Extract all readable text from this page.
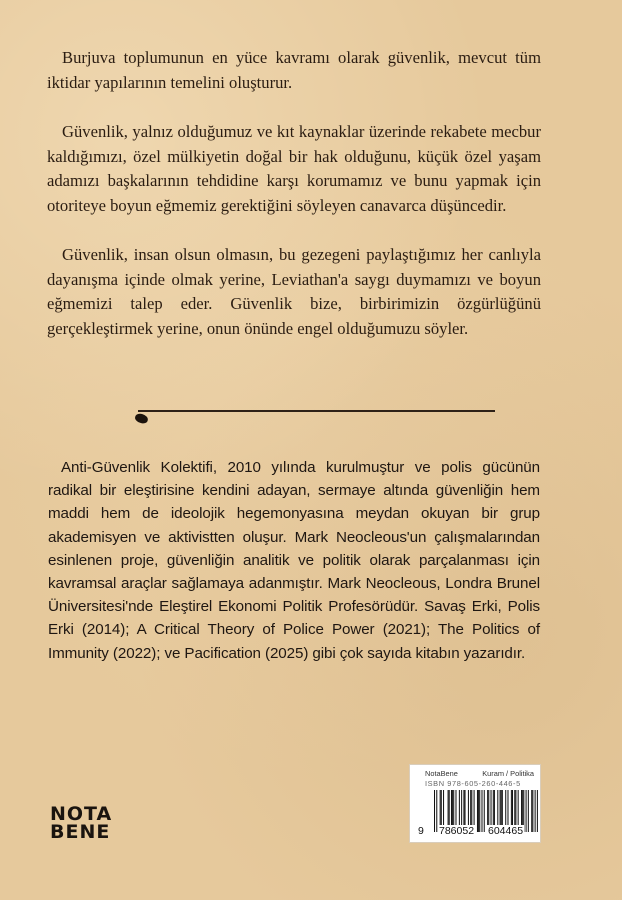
Burjuva toplumunun en yüce kavramı olarak güvenlik, mevcut tüm iktidar yapılarının temelini oluşturur.

Güvenlik, yalnız olduğumuz ve kıt kaynaklar üzerinde rekabete mecbur kaldığımızı, özel mülkiyetin doğal bir hak olduğunu, küçük özel yaşam adamızı başkalarının tehdidine karşı korumamız ve bunu yapmak için otoriteye boyun eğmemiz gerektiğini söyleyen canavarca düşüncedir.

Güvenlik, insan olsun olmasın, bu gezegeni paylaştığımız her canlıyla dayanışma içinde olmak yerine, Leviathan'a saygı duymamızı ve boyun eğmemizi talep eder. Güvenlik bize, birbirimizin özgürlüğünü gerçekleştirmek yerine, onun önünde engel olduğumuzu söyler.

Anti-Güvenlik Kolektifi, 2010 yılında kurulmuştur ve polis gücünün radikal bir eleştirisine kendini adayan, sermaye altında güvenliğin hem maddi hem de ideolojik hegemonyasına meydan okuyan bir grup akademisyen ve aktivistten oluşur. Mark Neocleous'un çalışmalarından esinlenen proje, güvenliğin analitik ve politik olarak parçalanması için kavramsal araçlar sağlamaya adanmıştır. Mark Neocleous, Londra Brunel Üniversitesi'nde Eleştirel Ekonomi Politik Profesörüdür. Savaş Erki, Polis Erki (2014); A Critical Theory of Police Power (2021); The Politics of Immunity (2022); ve Pacification (2025) gibi çok sayıda kitabın yazarıdır.

NOTA
BENE
NotaBene	Kuram / Politika
ISBN 978-605-260-446-5
9 786052 604465
